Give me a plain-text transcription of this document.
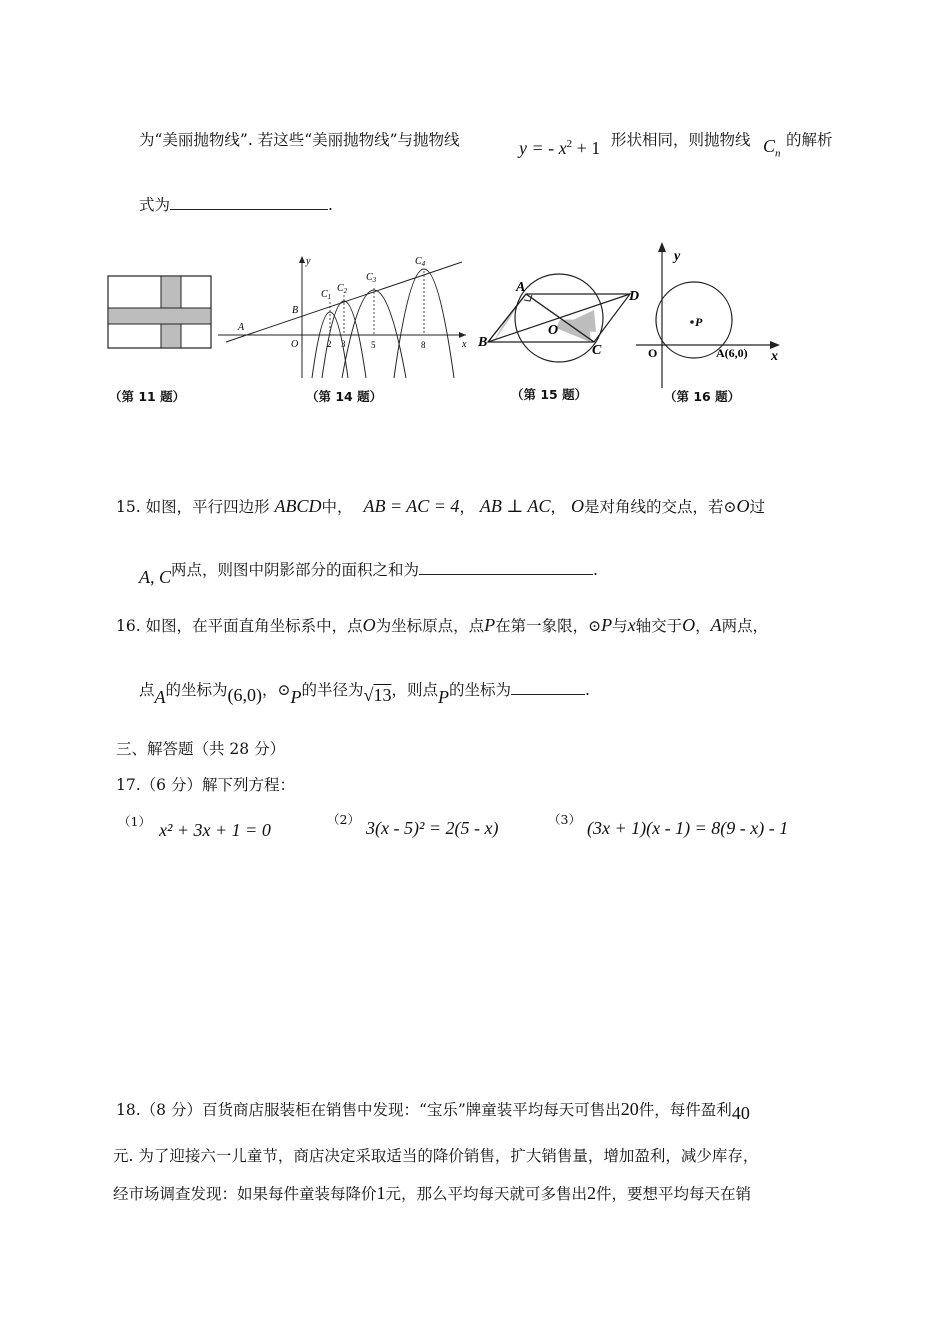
为“美丽抛物线”. 若这些“美丽抛物线”与抛物线	y = - $x^2 + 1$ 形状相同，则抛物线 $C_n$
的解析
式为	.
（第 11 题）
y
x
A
B
O
$C_1$
$C_2$
$C_3$
$C_4$
2 3	5	8
（第 14 题）
A
B
C
D
O
（第 15 题）
y
x
O	A(6,0)
P
（第 16 题）
15. 如图，平行四边形 ABCD中， AB = AC = 4， AB ⊥ AC， O是对角线的交点，若⊙O过
A, C两点，则图中阴影部分的面积之和为	.
16. 如图，在平面直角坐标系中，点O为坐标原点，点P在第一象限，⊙P与x轴交于O，A两点，
点A的坐标为(6,0)，⊙P的半径为√13，则点P的坐标为	.
三、解答题（共 28 分）
17.（6 分）解下列方程：
（1） x² + 3x + 1 = 0
（2） 3(x - 5)² = 2(5 - x)	（3） (3x + 1)(x - 1) = 8(9 - x) - 1
18.（8 分）百货商店服装柜在销售中发现：“宝乐”牌童装平均每天可售出20件，每件盈利40
元. 为了迎接六一儿童节，商店决定采取适当的降价销售，扩大销售量，增加盈利，减少库存，
经市场调查发现：如果每件童装每降价1元，那么平均每天就可多售出2件，要想平均每天在销
